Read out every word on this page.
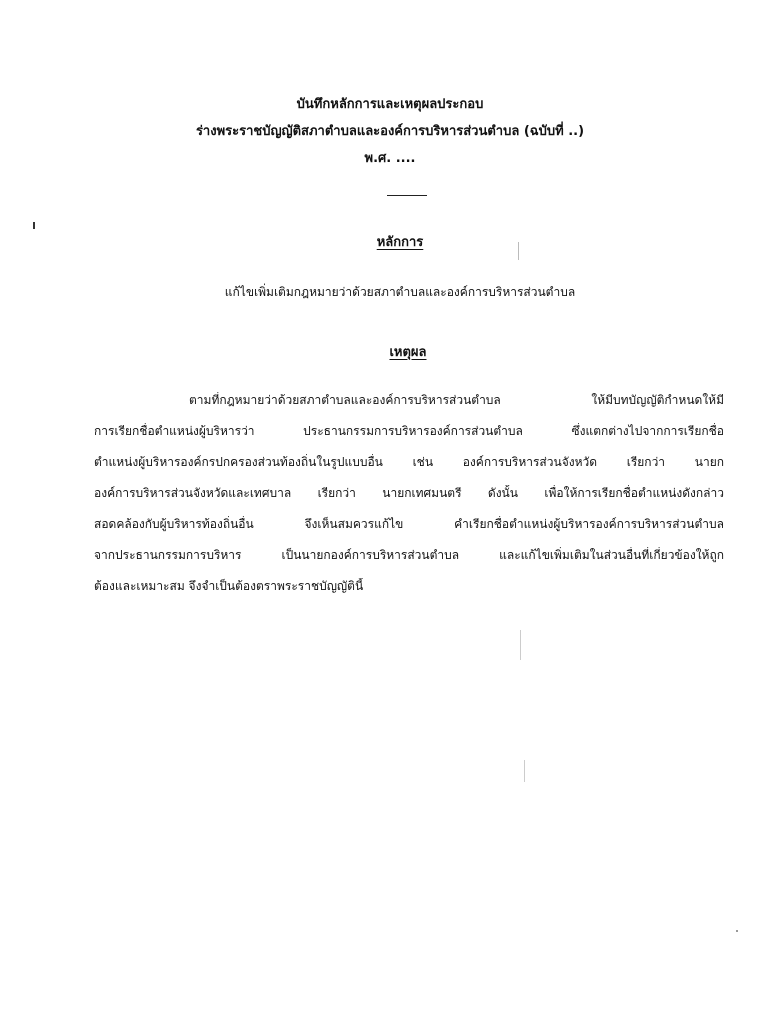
บันทึกหลักการและเหตุผลประกอบ
ร่างพระราชบัญญัติสภาตำบลและองค์การบริหารส่วนตำบล (ฉบับที่ ..)
พ.ศ. ....
หลักการ
แก้ไขเพิ่มเติมกฎหมายว่าด้วยสภาตำบลและองค์การบริหารส่วนตำบล
เหตุผล
ตามที่กฎหมายว่าด้วยสภาตำบลและองค์การบริหารส่วนตำบล ให้มีบทบัญญัติกำหนดให้มี
การเรียกชื่อตำแหน่งผู้บริหารว่า ประธานกรรมการบริหารองค์การส่วนตำบล ซึ่งแตกต่างไปจากการเรียกชื่อ
ตำแหน่งผู้บริหารองค์กรปกครองส่วนท้องถิ่นในรูปแบบอื่น เช่น องค์การบริหารส่วนจังหวัด เรียกว่า นายก
องค์การบริหารส่วนจังหวัดและเทศบาล เรียกว่า นายกเทศมนตรี ดังนั้น เพื่อให้การเรียกชื่อตำแหน่งดังกล่าว
สอดคล้องกับผู้บริหารท้องถิ่นอื่น จึงเห็นสมควรแก้ไข คำเรียกชื่อตำแหน่งผู้บริหารองค์การบริหารส่วนตำบล
จากประธานกรรมการบริหาร เป็นนายกองค์การบริหารส่วนตำบล และแก้ไขเพิ่มเติมในส่วนอื่นที่เกี่ยวข้องให้ถูก
ต้องและเหมาะสม จึงจำเป็นต้องตราพระราชบัญญัตินี้
